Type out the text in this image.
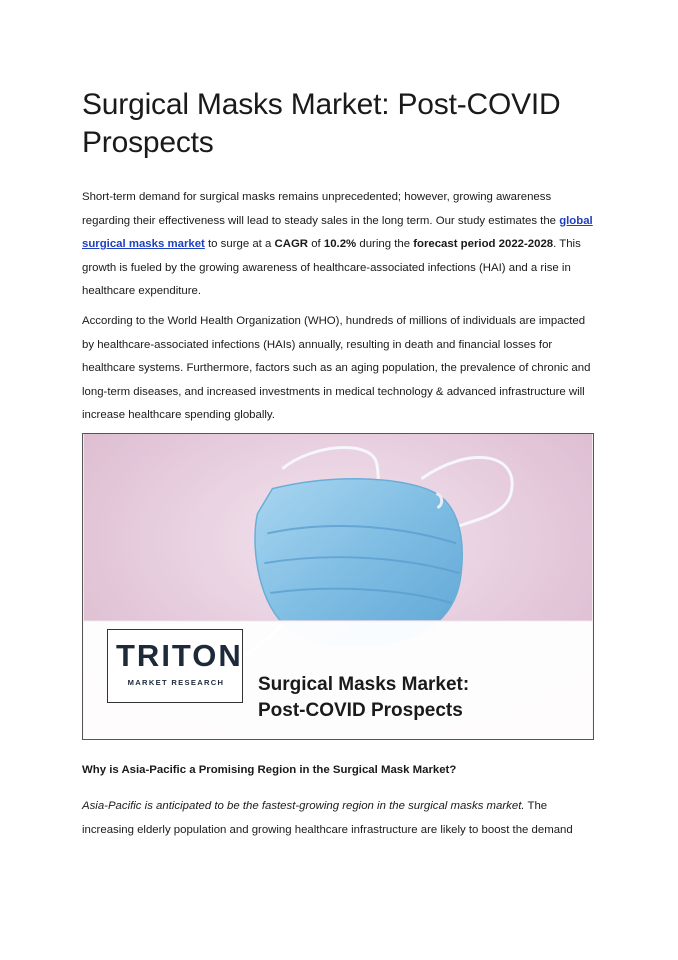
Surgical Masks Market: Post-COVID Prospects

Short-term demand for surgical masks remains unprecedented; however, growing awareness regarding their effectiveness will lead to steady sales in the long term. Our study estimates the global surgical masks market to surge at a CAGR of 10.2% during the forecast period 2022-2028. This growth is fueled by the growing awareness of healthcare-associated infections (HAI) and a rise in healthcare expenditure.

According to the World Health Organization (WHO), hundreds of millions of individuals are impacted by healthcare-associated infections (HAIs) annually, resulting in death and financial losses for healthcare systems. Furthermore, factors such as an aging population, the prevalence of chronic and long-term diseases, and increased investments in medical technology & advanced infrastructure will increase healthcare spending globally.

TRITON
MARKET RESEARCH	Surgical Masks Market:
Post-COVID Prospects
Why is Asia-Pacific a Promising Region in the Surgical Mask Market?

Asia-Pacific is anticipated to be the fastest-growing region in the surgical masks market. The increasing elderly population and growing healthcare infrastructure are likely to boost the demand
